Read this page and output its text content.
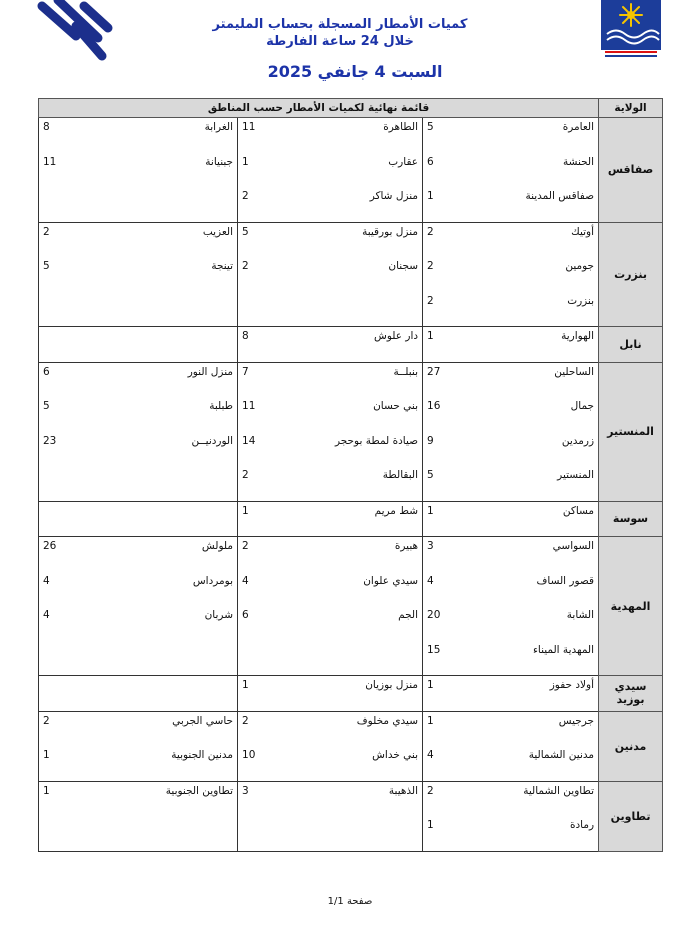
كميات الأمطار المسجلة بحساب المليمتر
خلال 24 ساعة الفارطة
السبت 4 جانفي 2025
الولاية	قائمة نهائية لكميات الأمطار حسب المناطق					
صفاقس	العامرة	5	الطاهرة	11	الغرابة	8
	الحنشة	6	عقارب	1	جبنيانة	11
	صفاقس المدينة	1	منزل شاكر	2		
بنزرت	أوتيك	2	منزل بورقيبة	5	العزيب	2
	جومين	2	سجنان	2	تينجة	5
	بنزرت	2				
نابل	الهوارية	1	دار علوش	8		
المنستير	الساحلين	27	بنبلــة	7	منزل النور	6
	جمال	16	بني حسان	11	طبلبة	5
	زرمدين	9	صيادة لمطة بوحجر	14	الوردنيــن	23
	المنستير	5	البقالطة	2		
سوسة	مساكن	1	شط مريم	1		
المهدية	السواسي	3	هبيرة	2	ملولش	26
	قصور الساف	4	سيدي علوان	4	بومرداس	4
	الشابة	20	الجم	6	شربان	4
	المهدية الميناء	15				
سيدي بوزيد	أولاد حفوز	1	منزل بوزيان	1		
مدنين	جرجيس	1	سيدي مخلوف	2	حاسي الجربي	2
	مدنين الشمالية	4	بني خداش	10	مدنين الجنوبية	1
تطاوين	تطاوين الشمالية	2	الذهيبة	3	تطاوين الجنوبية	1
	رمادة	1				
صفحة 1/1
